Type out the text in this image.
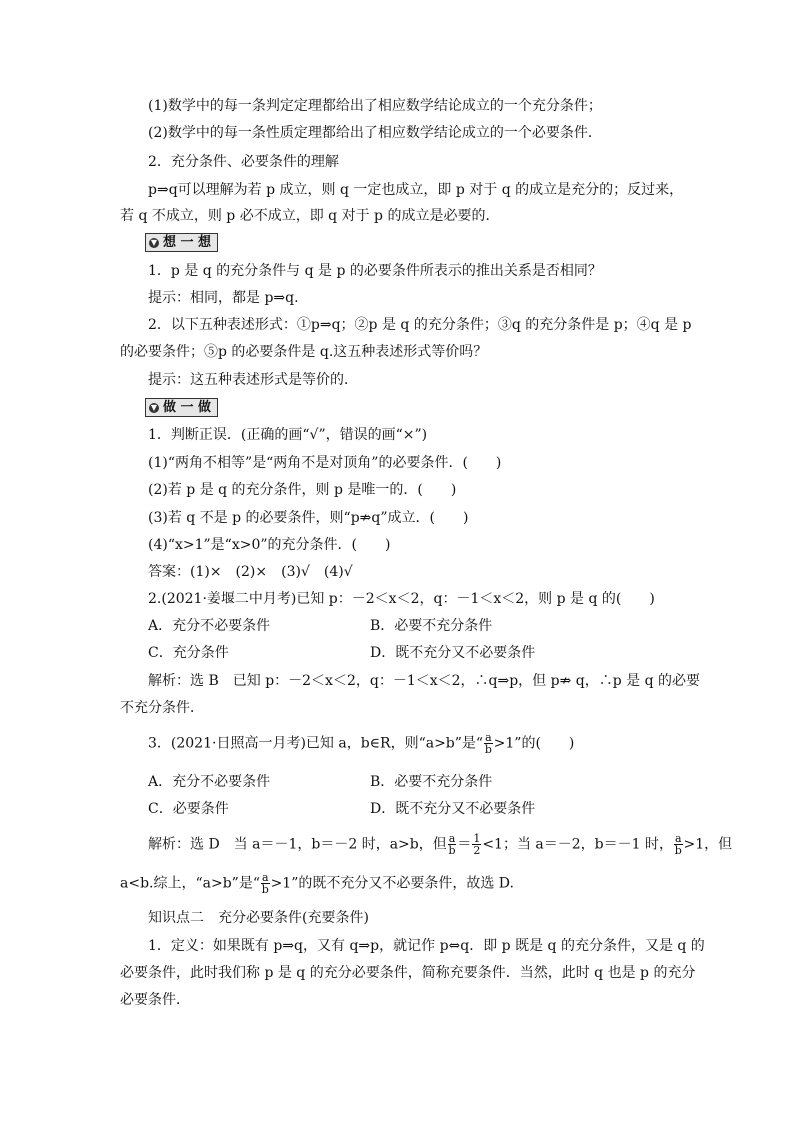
(1)数学中的每一条判定定理都给出了相应数学结论成立的一个充分条件；
(2)数学中的每一条性质定理都给出了相应数学结论成立的一个必要条件．
2．充分条件、必要条件的理解
p⇒q可以理解为若 p 成立，则 q 一定也成立，即 p 对于 q 的成立是充分的；反过来，
若 q 不成立，则 p 必不成立，即 q 对于 p 的成立是必要的．
▼ 想 一 想
1．p 是 q 的充分条件与 q 是 p 的必要条件所表示的推出关系是否相同？
提示：相同，都是 p⇒q.
2．以下五种表述形式：①p⇒q；②p 是 q 的充分条件；③q 的充分条件是 p；④q 是 p
的必要条件；⑤p 的必要条件是 q.这五种表述形式等价吗？
提示：这五种表述形式是等价的．
▼ 做 一 做
1．判断正误．(正确的画“√”，错误的画“×”)
(1)“两角不相等”是“两角不是对顶角”的必要条件．(　　)
(2)若 p 是 q 的充分条件，则 p 是唯一的．(　　)
(3)若 q 不是 p 的必要条件，则“p⇏q”成立．(　　)
(4)“x>1”是“x>0”的充分条件．(　　)
答案：(1)×　(2)×　(3)√　(4)√
2.(2021·姜堰二中月考)已知 p：－2＜x＜2，q：－1＜x＜2，则 p 是 q 的(　　)
A．充分不必要条件	B．必要不充分条件
C．充分条件	D．既不充分又不必要条件
解析：选 B　已知 p：－2＜x＜2，q：－1＜x＜2，∴q⇒p，但 p⇏ q，∴p 是 q 的必要
不充分条件．
3．(2021·日照高一月考)已知 a，b∈R，则“a>b”是“ $\frac{a}{b} >1$”的(　　)
A．充分不必要条件	B．必要不充分条件
C．必要条件	D．既不充分又不必要条件
解析：选 D　当 a＝－1，b＝－2 时，a>b，但 $\frac{a}{b} = \frac{1}{2} <1$；当 a＝－2，b＝－1 时， $\frac{a}{b} >1$，但
a<b.综上，“a>b”是“ $\frac{a}{b} >1$”的既不充分又不必要条件，故选 D.
知识点二　充分必要条件(充要条件)
1．定义：如果既有 p⇒q，又有 q⇒p，就记作 p⇔q．即 p 既是 q 的充分条件，又是 q 的
必要条件，此时我们称 p 是 q 的充分必要条件，简称充要条件．当然，此时 q 也是 p 的充分
必要条件．
